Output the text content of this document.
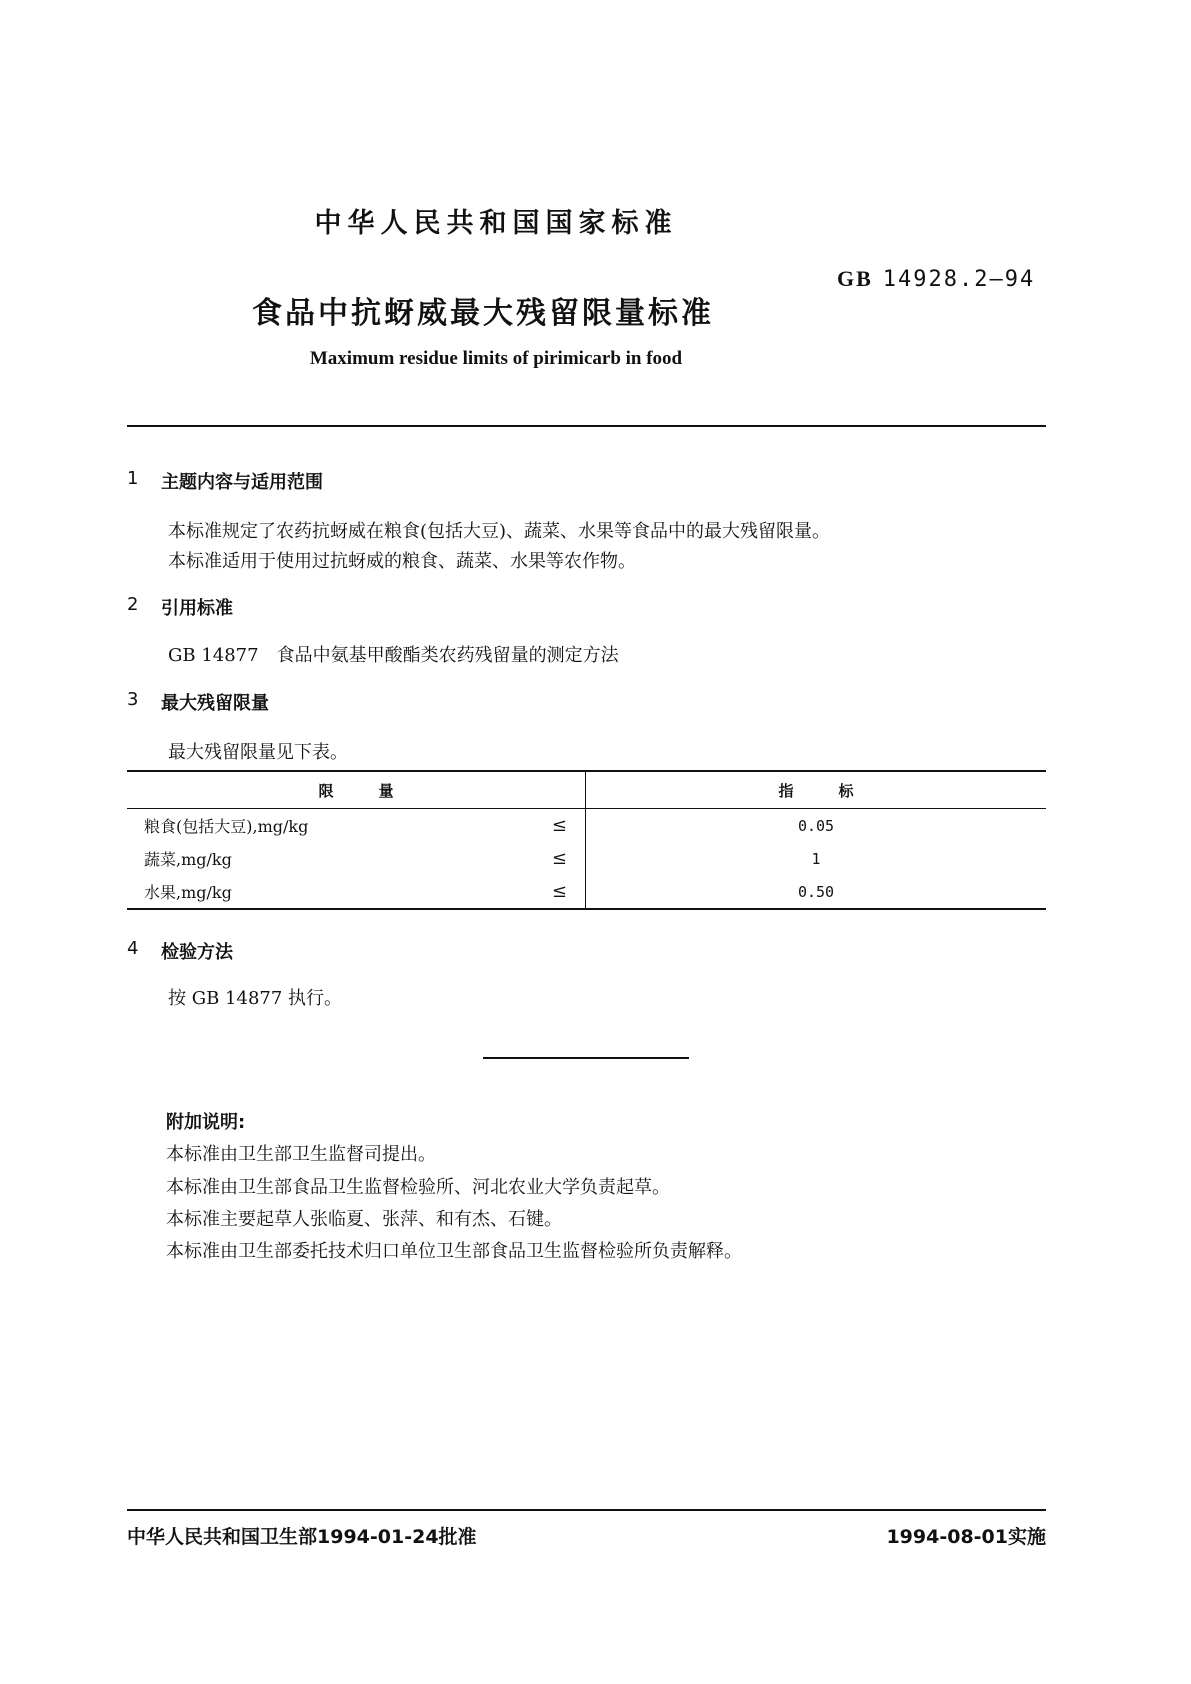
中华人民共和国国家标准
GB 14928.2—94
食品中抗蚜威最大残留限量标准
Maximum residue limits of pirimicarb in food
1 主题内容与适用范围
本标准规定了农药抗蚜威在粮食(包括大豆)、蔬菜、水果等食品中的最大残留限量。
本标准适用于使用过抗蚜威的粮食、蔬菜、水果等农作物。
2 引用标准
GB 14877　食品中氨基甲酸酯类农药残留量的测定方法
3 最大残留限量
最大残留限量见下表。
限　　　量	指　　　标
粮食(包括大豆),mg/kg ≤	0.05
蔬菜,mg/kg ≤	1
水果,mg/kg ≤	0.50
4 检验方法
按 GB 14877 执行。
附加说明:
本标准由卫生部卫生监督司提出。
本标准由卫生部食品卫生监督检验所、河北农业大学负责起草。
本标准主要起草人张临夏、张萍、和有杰、石键。
本标准由卫生部委托技术归口单位卫生部食品卫生监督检验所负责解释。
中华人民共和国卫生部1994-01-24批准	1994-08-01实施
